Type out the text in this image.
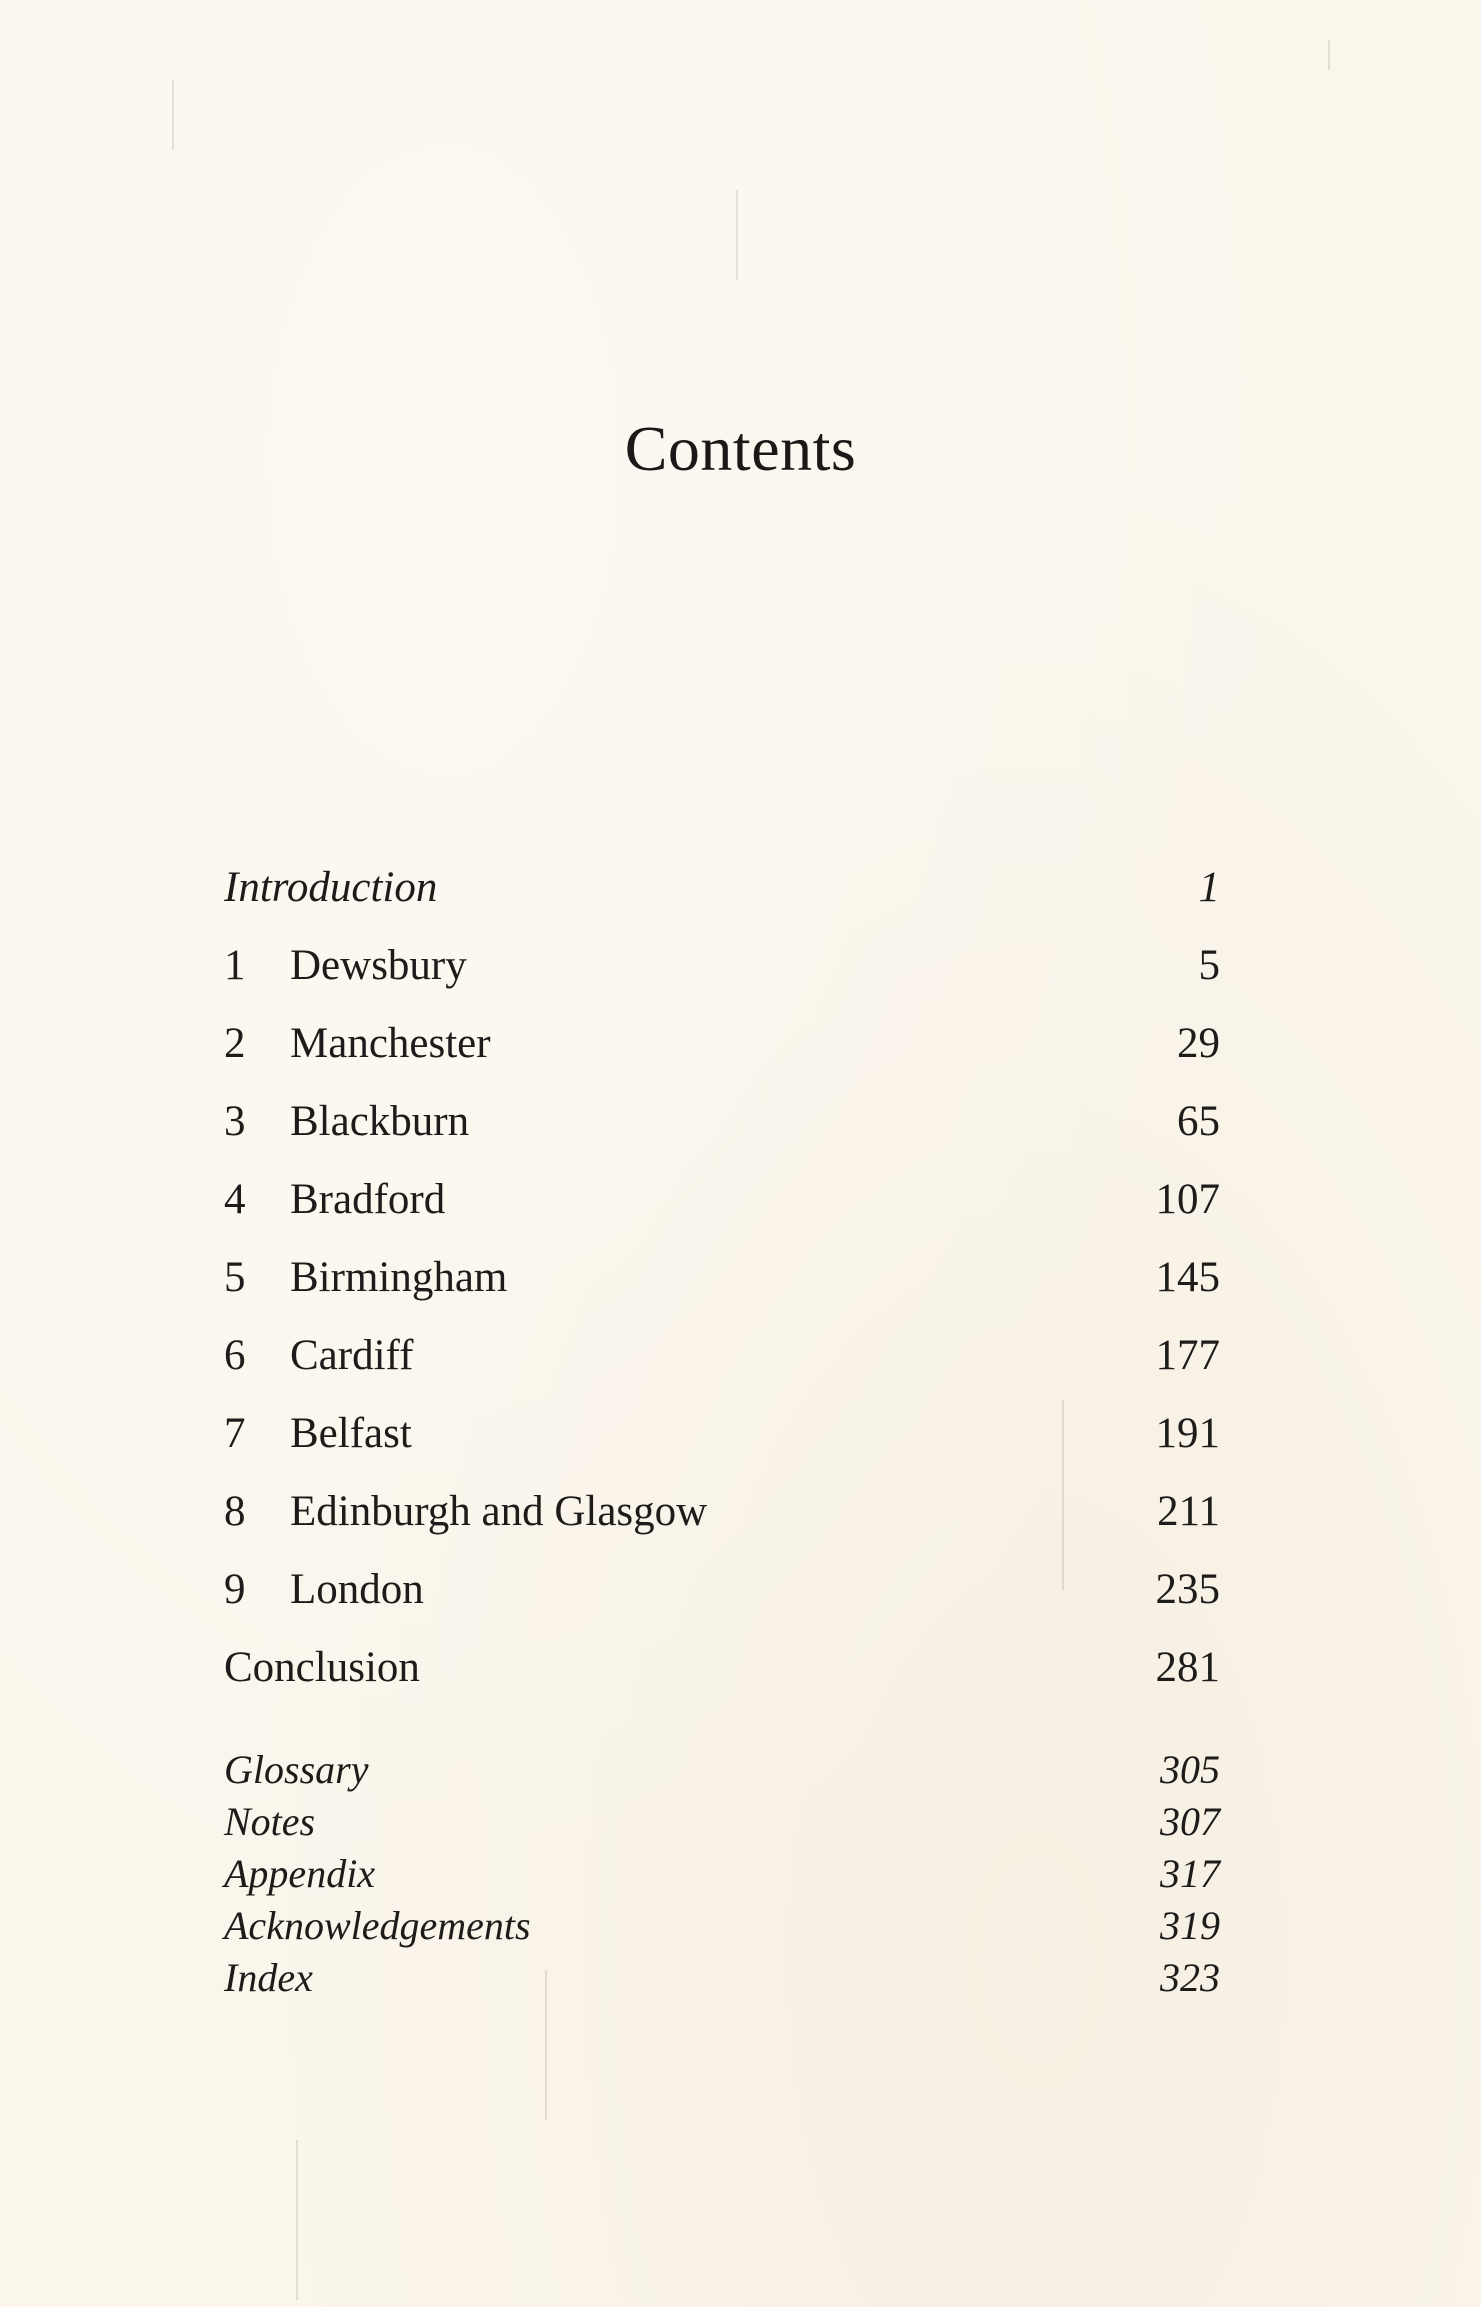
Contents
Introduction	1
1	Dewsbury	5
2	Manchester	29
3	Blackburn	65
4	Bradford	107
5	Birmingham	145
6	Cardiff	177
7	Belfast	191
8	Edinburgh and Glasgow	211
9	London	235
Conclusion	281
Glossary	305
Notes	307
Appendix	317
Acknowledgements	319
Index	323
